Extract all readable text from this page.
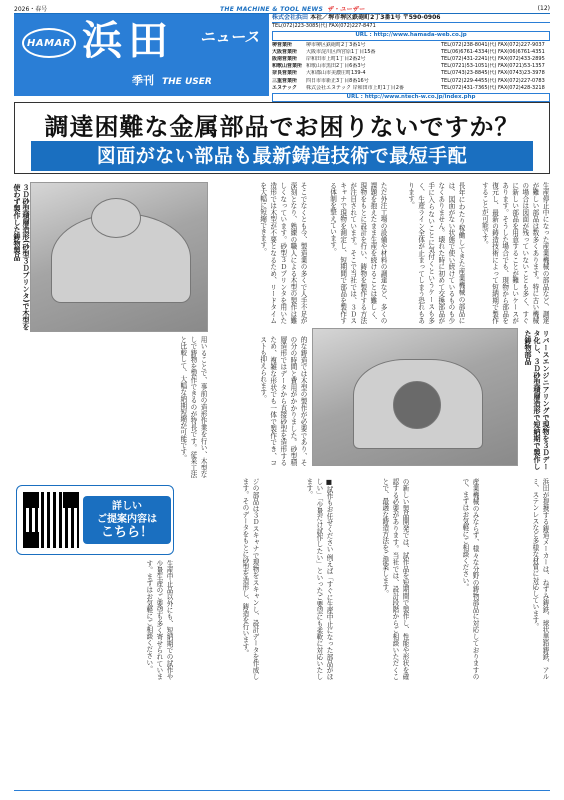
2026・春号	THE MACHINE & TOOL NEWS ザ・ユーザー	(12)
HAMAR 浜田 ニュース
季刊 THE USER
株式会社浜田 本社／堺市堺区鉄砲町2丁3番1号 〒590-0906
TEL(072)223-3085(代) FAX(072)227-8471
URL : http://www.hamada-web.co.jp
堺営業所	堺市堺区鉄砲町2丁3番1号	TEL(072)238-8041(代) FAX(072)227-9037
大阪営業所	大阪市淀川区西宮原1丁目15番	TEL(06)6761-4334(代) FAX(06)6761-4351
阪南営業所	岸和田市上町1丁目2番2号	TEL(072)431-2241(代) FAX(072)433-2895
和歌山営業所 和歌山市黒田2丁目6番3号	TEL(0721)53-1051(代) FAX(0721)53-1357
奈良営業所	大和郡山市美濃庄町139-4	TEL(0743)23-8845(代) FAX(0743)23-3978
三重営業所	四日市市新正3丁目8番16号	TEL(072)229-4455(代) FAX(072)227-0783
エヌテック	株式会社エヌテック 岸和田市上町1丁目2番	TEL(072)431-7365(代) FAX(072)428-3218
URL : http://www.ntech-w.co.jp/index.php
調達困難な金属部品でお困りないですか？
図面がない部品も最新鋳造技術で最短手配
３Ｄ砂型積層造形(砂型３Ｄプリンタ)で木型を使わず製作した鋳物製品
リバースエンジニアリングで現物を３Ｄデータ化し、３Ｄ砂型積層造形で短納期で製作した鋳物部品
生産停止中になった産業機械の部品など、調達が難しい部品は数多くあります。特に古い機械の場合は図面が残っていないことも多く、すぐに新しい部品を用意することが難しいケースがあります。そうした場合でも、現物から部品を復元し、最新の鋳造技術によって短納期で製作することが可能です。
長年にわたり稼働してきた産業機械の部品には、図面がない状態で使い続けているものも少なくありません。壊れた時に初めて交換部品が手に入らないことに気付くというケースも多く、生産ライン全体が止まってしまう恐れもあります。
ただ外注工場の設備や材料の調達など、多くの課題を抱えたまま生産を続けることは難しく、現物をもとに設計を行い、鋳物を製作する方法が注目されています。そこで当社では、３Ｄスキャナで現物を測定し、短期間で部品を製作する体制を整えています。
そこでなくとも今、製造業の多くで人手不足が深刻となり、熟練の職人による木型の製作は難しくなっています。砂型３Ｄプリンタを用いた造形では木型が不要となるため、リードタイムを大幅に短縮できます。
的な鋳造では木型の製作が必要であり、その分の時間と費用がかかりました。砂型積層造形ではデータから直接砂型を造形するため、複雑な形状でも一体で製作でき、コストも抑えられます。
用いることで、事前の造形作業を行い、木型なしで鋳物を製作できるのが特長です。従来工法と比較して、大幅な納期短縮が可能です。
ジの部品は３Ｄスキャナで現物をスキャンし、設計データを作成します。そのデータをもとに砂型を造形し、鋳造を行います。	■試作もお任せください 例えば「すぐに生産中止になった部品がほしい」「少量だけ試作したい」といったご要望にも柔軟に対応いたします。	の新しい製品開発では、試作品を短期間で製作し、性能や形状を確認する必要があります。当社では、設計段階からご相談いただくことで、最適な鋳造方法をご提案します。	産業機械のみならず、様々な分野の鋳物部品に対応しておりますので、まずはお気軽にご相談ください。	浜田が提携する鋳造メーカーは、ねずみ鋳鉄、球状黒鉛鋳鉄、アルミ、ステンレスなど多様な材質に対応しています。
生産中止品以外にも、短納期での試作や少量生産のご要望も多く寄せられています。まずはお気軽にご相談ください。
詳しい
ご提案内容は
こちら！
